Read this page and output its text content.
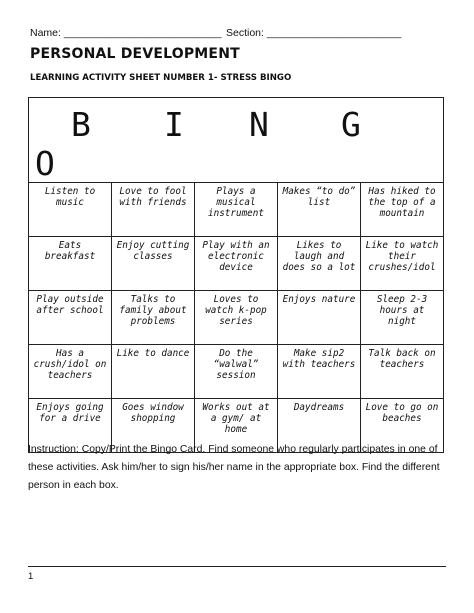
Name: ___________________________ Section: _______________________
PERSONAL DEVELOPMENT
LEARNING ACTIVITY SHEET NUMBER 1- STRESS BINGO
B I N G
O				

Listen to music	Love to fool with friends	Plays a musical instrument	Makes “to do” list	Has hiked to the top of a mountain

Eats breakfast	Enjoy cutting classes	Play with an electronic device	Likes to laugh and does so a lot	Like to watch their crushes/idol

Play outside after school	Talks to family about problems	Loves to watch k-pop series	Enjoys nature	Sleep 2-3 hours at night

Has a crush/idol on teachers	Like to dance	Do the “walwal” session	Make sip2 with teachers	Talk back on teachers

Enjoys going for a drive	Goes window shopping	Works out at a gym/ at home	Daydreams	Love to go on beaches
Instruction: Copy/Print the Bingo Card. Find someone who regularly participates in one of these activities. Ask him/her to sign his/her name in the appropriate box. Find the different person in each box.
1
